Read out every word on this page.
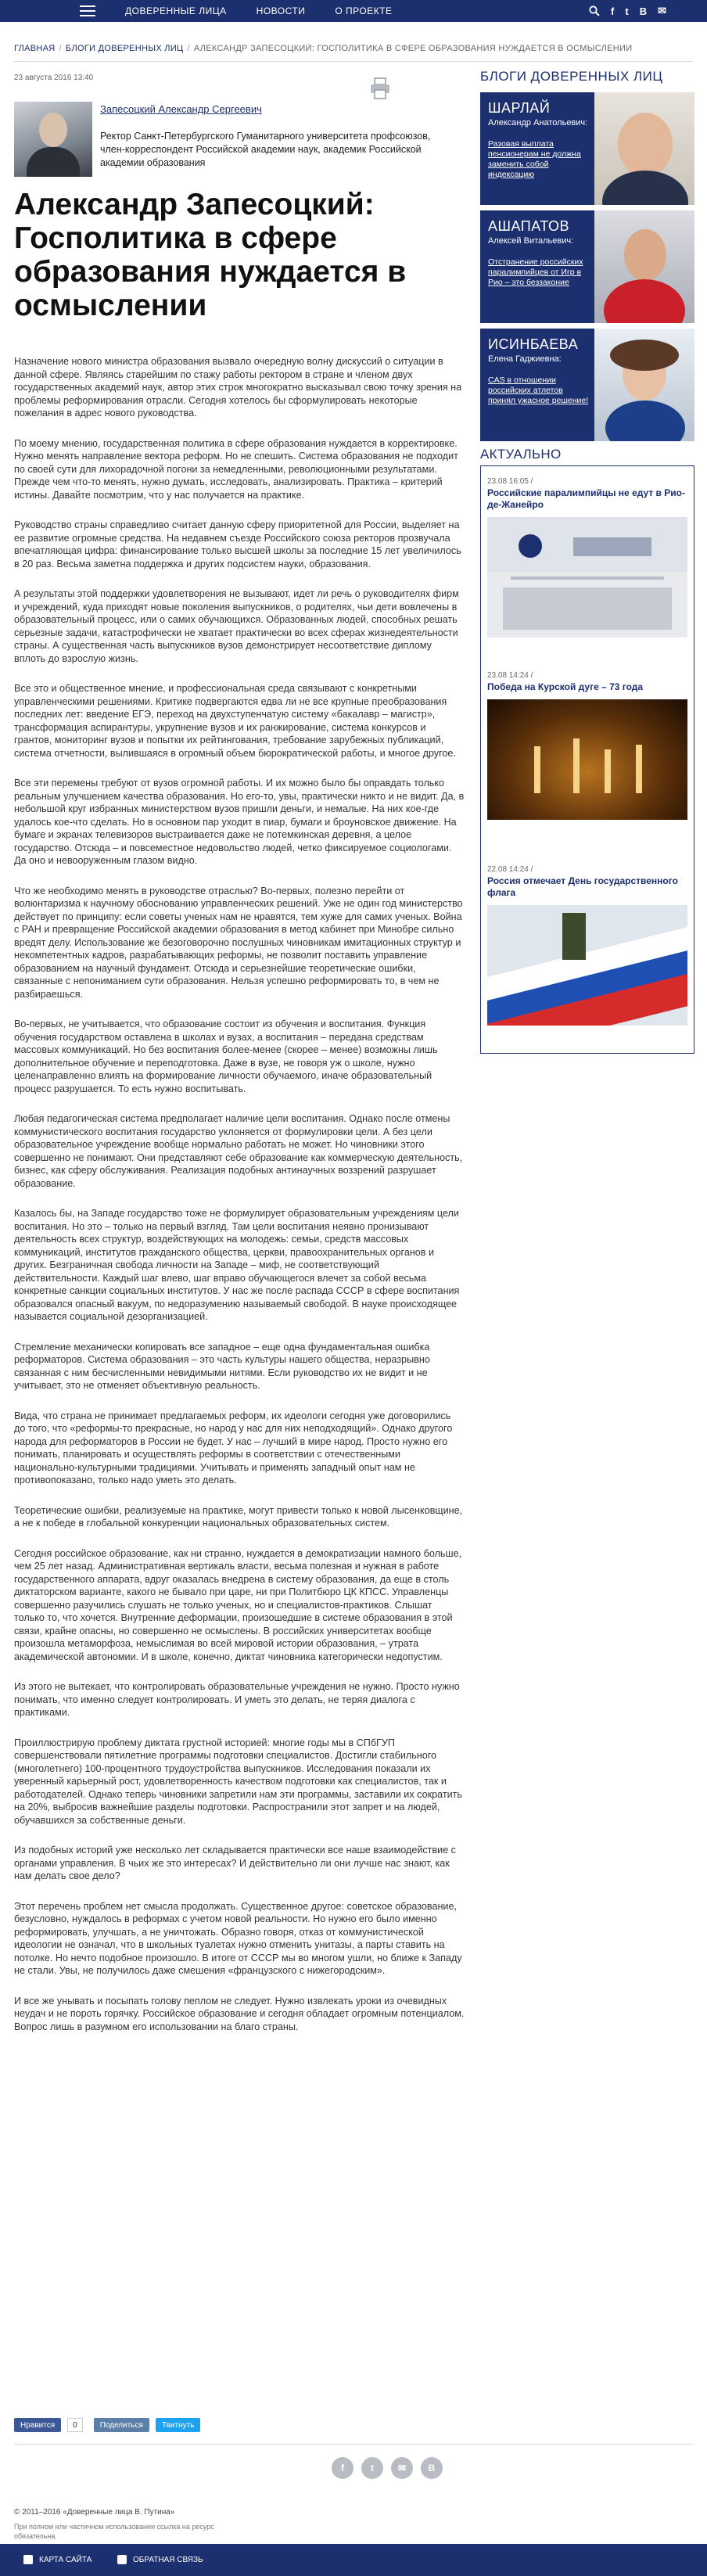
ДОВЕРЕННЫЕ ЛИЦА	НОВОСТИ	О ПРОЕКТЕ	f t B ✉
ГЛАВНАЯ / БЛОГИ ДОВЕРЕННЫХ ЛИЦ / АЛЕКСАНДР ЗАПЕСОЦКИЙ: ГОСПОЛИТИКА В СФЕРЕ ОБРАЗОВАНИЯ НУЖДАЕТСЯ В ОСМЫСЛЕНИИ
23 августа 2016 13:40
Запесоцкий Александр Сергеевич
Ректор Санкт-Петербургского Гуманитарного университета профсоюзов, член-корреспондент Российской академии наук, академик Российской академии образования
Александр Запесоцкий: Госполитика в сфере образования нуждается в осмыслении

Назначение нового министра образования вызвало очередную волну дискуссий о ситуации в данной сфере. Являясь старейшим по стажу работы ректором в стране и членом двух государственных академий наук, автор этих строк многократно высказывал свою точку зрения на проблемы реформирования отрасли. Сегодня хотелось бы сформулировать некоторые пожелания в адрес нового руководства.

По моему мнению, государственная политика в сфере образования нуждается в корректировке. Нужно менять направление вектора реформ. Но не спешить. Система образования не подходит по своей сути для лихорадочной погони за немедленными, революционными результатами. Прежде чем что-то менять, нужно думать, исследовать, анализировать. Практика – критерий истины. Давайте посмотрим, что у нас получается на практике.

Руководство страны справедливо считает данную сферу приоритетной для России, выделяет на ее развитие огромные средства. На недавнем съезде Российского союза ректоров прозвучала впечатляющая цифра: финансирование только высшей школы за последние 15 лет увеличилось в 20 раз. Весьма заметна поддержка и других подсистем науки, образования.

А результаты этой поддержки удовлетворения не вызывают, идет ли речь о руководителях фирм и учреждений, куда приходят новые поколения выпускников, о родителях, чьи дети вовлечены в образовательный процесс, или о самих обучающихся. Образованных людей, способных решать серьезные задачи, катастрофически не хватает практически во всех сферах жизнедеятельности страны. А существенная часть выпускников вузов демонстрирует несоответствие диплому вплоть до взрослую жизнь.

Все это и общественное мнение, и профессиональная среда связывают с конкретными управленческими решениями. Критике подвергаются едва ли не все крупные преобразования последних лет: введение ЕГЭ, переход на двухступенчатую систему «бакалавр – магистр», трансформация аспирантуры, укрупнение вузов и их ранжирование, система конкурсов и грантов, мониторинг вузов и попытки их рейтингования, требование зарубежных публикаций, система отчетности, вылившаяся в огромный объем бюрократической работы, и многое другое.

Все эти перемены требуют от вузов огромной работы. И их можно было бы оправдать только реальным улучшением качества образования. Но его-то, увы, практически никто и не видит. Да, в небольшой круг избранных министерством вузов пришли деньги, и немалые. На них кое-где удалось кое-что сделать. Но в основном пар уходит в пиар, бумаги и броуновское движение. На бумаге и экранах телевизоров выстраивается даже не потемкинская деревня, а целое государство. Отсюда – и повсеместное недовольство людей, четко фиксируемое социологами. Да оно и невооруженным глазом видно.

Что же необходимо менять в руководстве отраслью? Во-первых, полезно перейти от волюнтаризма к научному обоснованию управленческих решений. Уже не один год министерство действует по принципу: если советы ученых нам не нравятся, тем хуже для самих ученых. Война с РАН и превращение Российской академии образования в метод кабинет при Минобре сильно вредят делу. Использование же безоговорочно послушных чиновникам имитационных структур и некомпетентных кадров, разрабатывающих реформы, не позволит поставить управление образованием на научный фундамент. Отсюда и серьезнейшие теоретические ошибки, связанные с непониманием сути образования. Нельзя успешно реформировать то, в чем не разбираешься.

Во-первых, не учитывается, что образование состоит из обучения и воспитания. Функция обучения государством оставлена в школах и вузах, а воспитания – передана средствам массовых коммуникаций. Но без воспитания более-менее (скорее – менее) возможны лишь дополнительное обучение и переподготовка. Даже в вузе, не говоря уж о школе, нужно целенаправленно влиять на формирование личности обучаемого, иначе образовательный процесс разрушается. То есть нужно воспитывать.

Любая педагогическая система предполагает наличие цели воспитания. Однако после отмены коммунистического воспитания государство уклоняется от формулировки цели. А без цели образовательное учреждение вообще нормально работать не может. Но чиновники этого совершенно не понимают. Они представляют себе образование как коммерческую деятельность, бизнес, как сферу обслуживания. Реализация подобных антинаучных воззрений разрушает образование.

Казалось бы, на Западе государство тоже не формулирует образовательным учреждениям цели воспитания. Но это – только на первый взгляд. Там цели воспитания неявно пронизывают деятельность всех структур, воздействующих на молодежь: семьи, средств массовых коммуникаций, институтов гражданского общества, церкви, правоохранительных органов и других. Безграничная свобода личности на Западе – миф, не соответствующий действительности. Каждый шаг влево, шаг вправо обучающегося влечет за собой весьма конкретные санкции социальных институтов. У нас же после распада СССР в сфере воспитания образовался опасный вакуум, по недоразумению называемый свободой. В науке происходящее называется социальной дезорганизацией.

Стремление механически копировать все западное – еще одна фундаментальная ошибка реформаторов. Система образования – это часть культуры нашего общества, неразрывно связанная с ним бесчисленными невидимыми нитями. Если руководство их не видит и не учитывает, это не отменяет объективную реальность.

Вида, что страна не принимает предлагаемых реформ, их идеологи сегодня уже договорились до того, что «реформы-то прекрасные, но народ у нас для них неподходящий». Однако другого народа для реформаторов в России не будет. У нас – лучший в мире народ. Просто нужно его понимать, планировать и осуществлять реформы в соответствии с отечественными национально-культурными традициями. Учитывать и применять западный опыт нам не противопоказано, только надо уметь это делать.

Теоретические ошибки, реализуемые на практике, могут привести только к новой лысенковщине, а не к победе в глобальной конкуренции национальных образовательных систем.

Сегодня российское образование, как ни странно, нуждается в демократизации намного больше, чем 25 лет назад. Административная вертикаль власти, весьма полезная и нужная в работе государственного аппарата, вдруг оказалась внедрена в систему образования, да еще в столь диктаторском варианте, какого не бывало при царе, ни при Политбюро ЦК КПСС. Управленцы совершенно разучились слушать не только ученых, но и специалистов-практиков. Слышат только то, что хочется. Внутренние деформации, произошедшие в системе образования в этой связи, крайне опасны, но совершенно не осмыслены. В российских университетах вообще произошла метаморфоза, немыслимая во всей мировой истории образования, – утрата академической автономии. И в школе, конечно, диктат чиновника категорически недопустим.

Из этого не вытекает, что контролировать образовательные учреждения не нужно. Просто нужно понимать, что именно следует контролировать. И уметь это делать, не теряя диалога с практиками.

Проиллюстрирую проблему диктата грустной историей: многие годы мы в СПбГУП совершенствовали пятилетние программы подготовки специалистов. Достигли стабильного (многолетнего) 100-процентного трудоустройства выпускников. Исследования показали их уверенный карьерный рост, удовлетворенность качеством подготовки как специалистов, так и работодателей. Однако теперь чиновники запретили нам эти программы, заставили их сократить на 20%, выбросив важнейшие разделы подготовки. Распространили этот запрет и на людей, обучавшихся за собственные деньги.

Из подобных историй уже несколько лет складывается практически все наше взаимодействие с органами управления. В чьих же это интересах? И действительно ли они лучше нас знают, как нам делать свое дело?

Этот перечень проблем нет смысла продолжать. Существенное другое: советское образование, безусловно, нуждалось в реформах с учетом новой реальности. Но нужно его было именно реформировать, улучшать, а не уничтожать. Образно говоря, отказ от коммунистической идеологии не означал, что в школьных туалетах нужно отменить унитазы, а парты ставить на потолке. Но нечто подобное произошло. В итоге от СССР мы во многом ушли, но ближе к Западу не стали. Увы, не получилось даже смешения «французского с нижегородским».

И все же унывать и посыпать голову пеплом не следует. Нужно извлекать уроки из очевидных неудач и не пороть горячку. Российское образование и сегодня обладает огромным потенциалом. Вопрос лишь в разумном его использовании на благо страны.

Нравится	0	Поделиться Твитнуть
БЛОГИ ДОВЕРЕННЫХ ЛИЦ
ШАРЛАЙ
Александр Анатольевич:
Разовая выплата пенсионерам не должна заменить собой индексацию
АШАПАТОВ
Алексей Витальевич:
Отстранение российских паралимпийцев от Игр в Рио – это беззаконие
ИСИНБАЕВА
Елена Гаджиевна:
CAS в отношении российских атлетов принял ужасное решение!
АКТУАЛЬНО
23.08 16:05 /
Российские паралимпийцы не едут в Рио-де-Жанейро
23.08 14:24 /
Победа на Курской дуге – 73 года
22.08 14:24 /
Россия отмечает День государственного флага
f	t	✉	B
© 2011–2016 «Доверенные лица В. Путина»
При полном или частичном использовании ссылка на ресурс обязательна.
КАРТА САЙТА	ОБРАТНАЯ СВЯЗЬ
